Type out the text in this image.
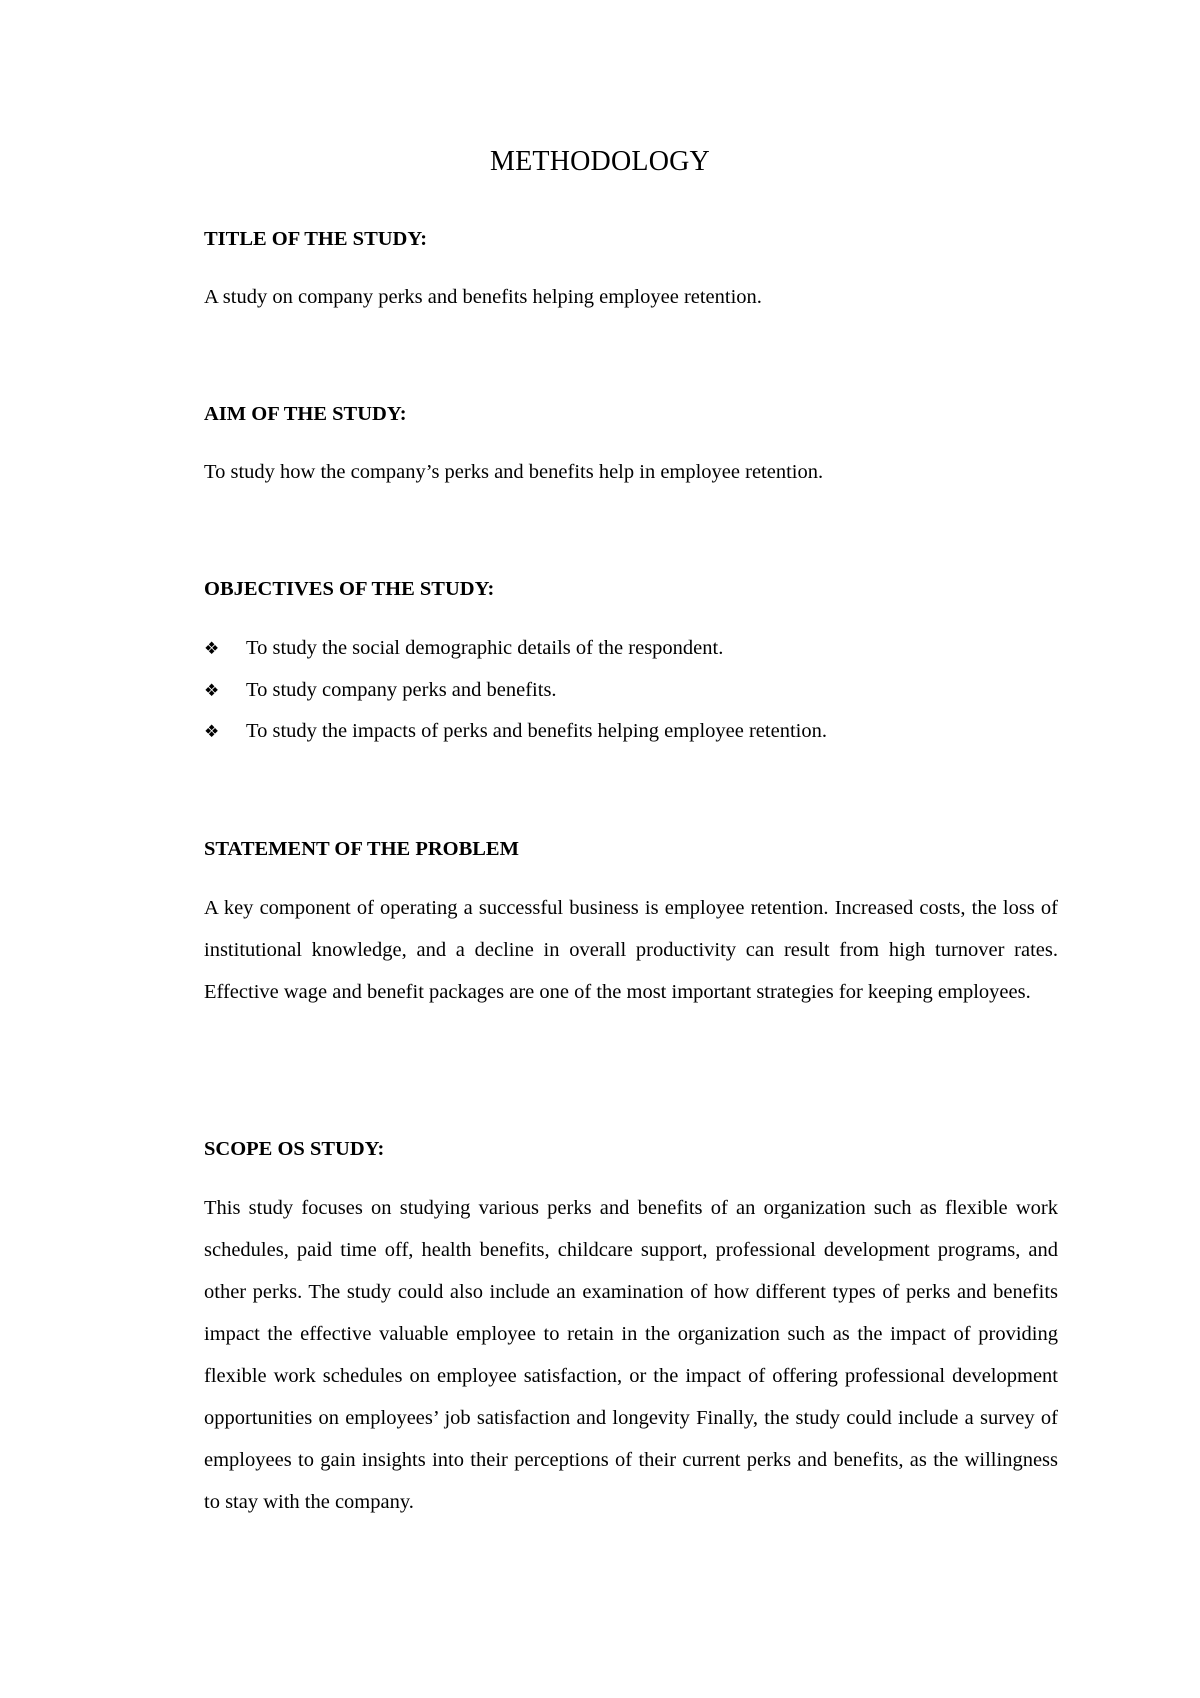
METHODOLOGY
TITLE OF THE STUDY:
A study on company perks and benefits helping employee retention.
AIM OF THE STUDY:
To study how the company’s perks and benefits help in employee retention.
OBJECTIVES OF THE STUDY:
❖	To study the social demographic details of the respondent.
❖	To study company perks and benefits.
❖	To study the impacts of perks and benefits helping employee retention.
STATEMENT OF THE PROBLEM

A key component of operating a successful business is employee retention. Increased costs, the loss of institutional knowledge, and a decline in overall productivity can result from high turnover rates. Effective wage and benefit packages are one of the most important strategies for keeping employees.

SCOPE OS STUDY:

This study focuses on studying various perks and benefits of an organization such as flexible work schedules, paid time off, health benefits, childcare support, professional development programs, and other perks. The study could also include an examination of how different types of perks and benefits impact the effective valuable employee to retain in the organization such as the impact of providing flexible work schedules on employee satisfaction, or the impact of offering professional development opportunities on employees’ job satisfaction and longevity Finally, the study could include a survey of employees to gain insights into their perceptions of their current perks and benefits, as the willingness to stay with the company.
